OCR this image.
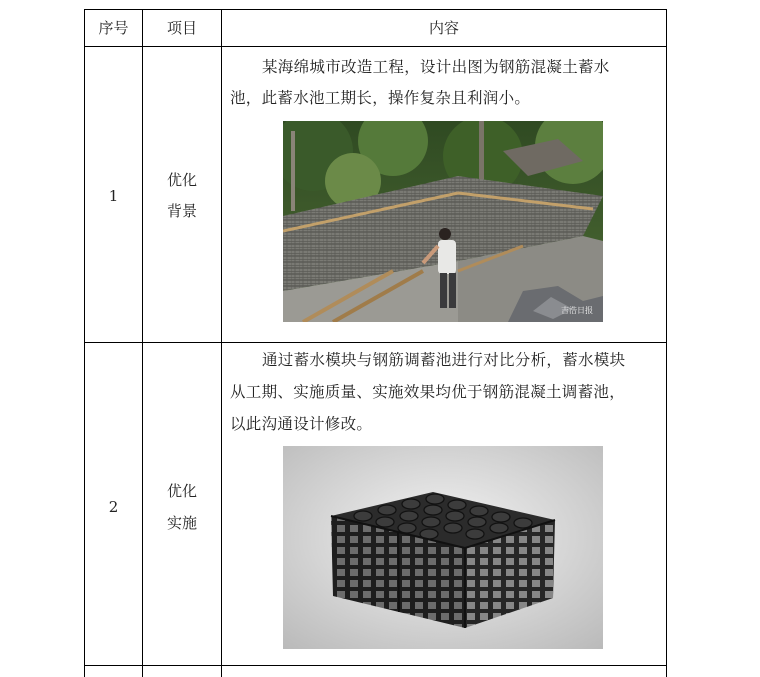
序号	项目	内容
1
优化
背景
某海绵城市改造工程，设计出图为钢筋混凝土蓄水
池，此蓄水池工期长，操作复杂且利润小。
吉浩日报
2
优化
实施
通过蓄水模块与钢筋调蓄池进行对比分析，蓄水模块
从工期、实施质量、实施效果均优于钢筋混凝土调蓄池，
以此沟通设计修改。
